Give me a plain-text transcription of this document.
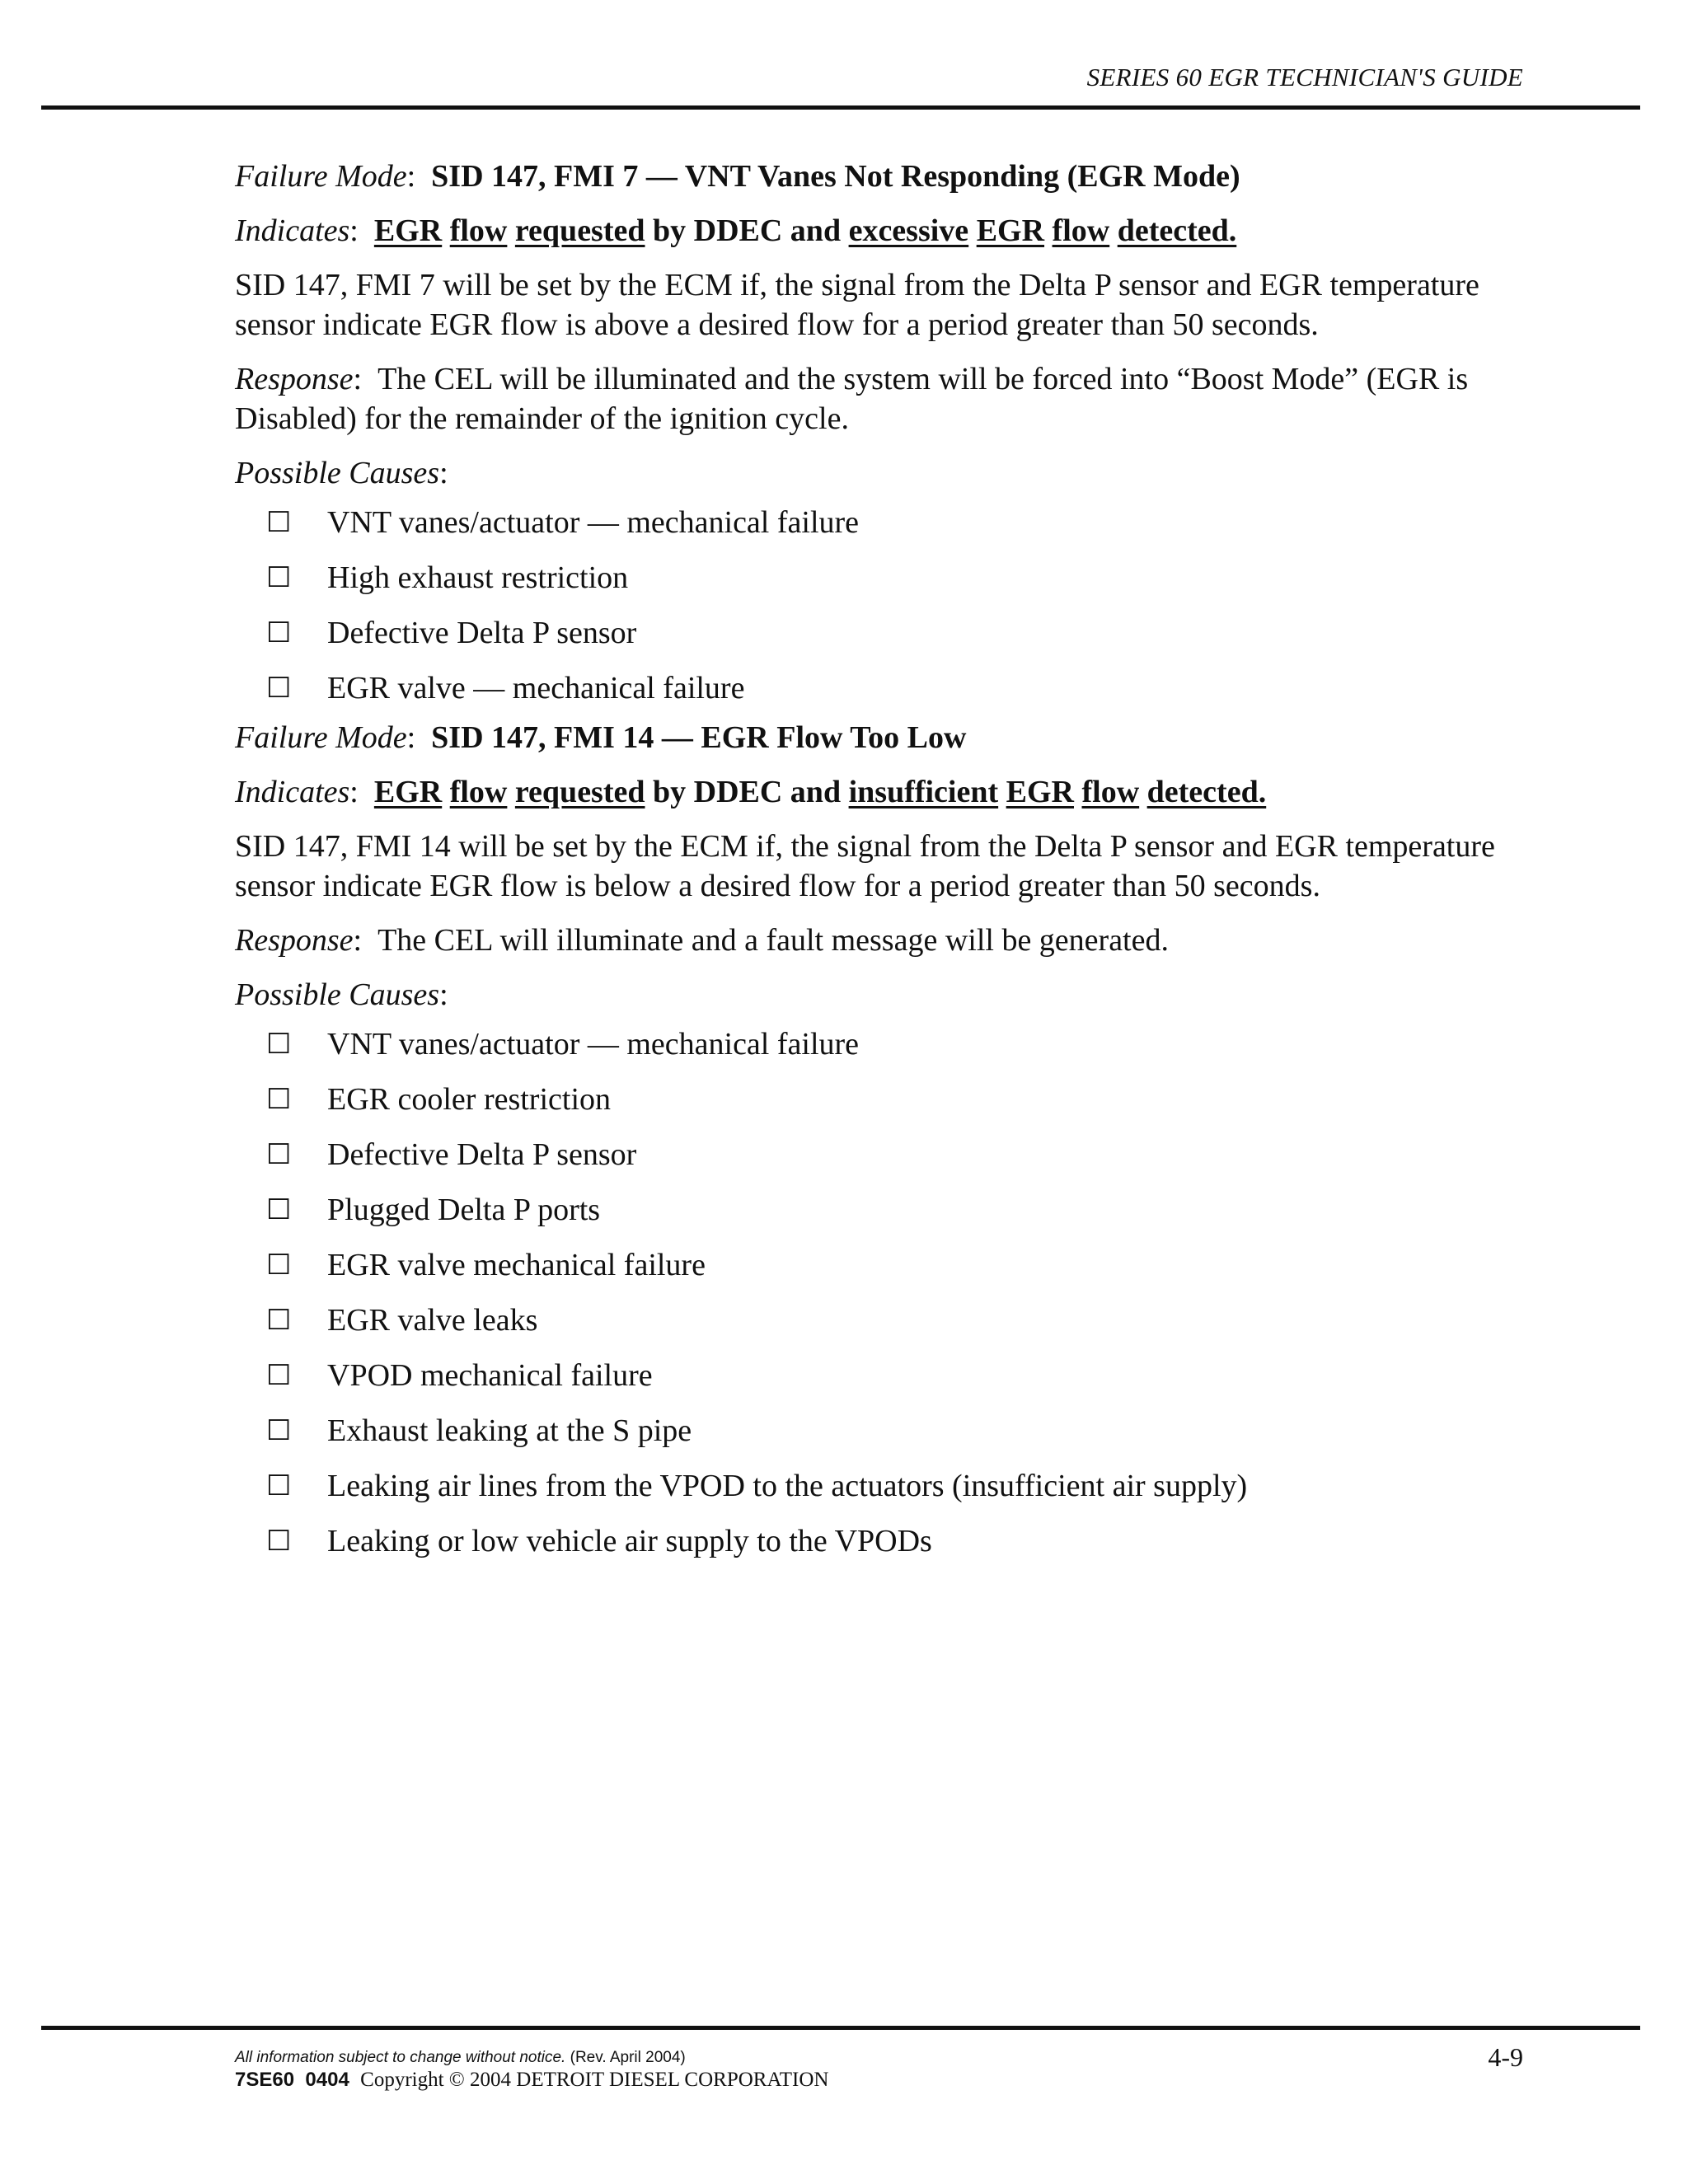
SERIES 60 EGR TECHNICIAN'S GUIDE
Failure Mode:  SID 147, FMI 7 — VNT Vanes Not Responding (EGR Mode)
Indicates: EGR flow requested by DDEC and excessive EGR flow detected.
SID 147, FMI 7 will be set by the ECM if, the signal from the Delta P sensor and EGR temperature sensor indicate EGR flow is above a desired flow for a period greater than 50 seconds.
Response:  The CEL will be illuminated and the system will be forced into “Boost Mode” (EGR is Disabled) for the remainder of the ignition cycle.
Possible Causes:
☐	VNT vanes/actuator — mechanical failure
☐	High exhaust restriction
☐	Defective Delta P sensor
☐	EGR valve — mechanical failure
Failure Mode:  SID 147, FMI 14 — EGR Flow Too Low
Indicates: EGR flow requested by DDEC and insufficient EGR flow detected.
SID 147, FMI 14 will be set by the ECM if, the signal from the Delta P sensor and EGR temperature sensor indicate EGR flow is below a desired flow for a period greater than 50 seconds.
Response:  The CEL will illuminate and a fault message will be generated.
Possible Causes:
☐	VNT vanes/actuator — mechanical failure
☐	EGR cooler restriction
☐	Defective Delta P sensor
☐	Plugged Delta P ports
☐	EGR valve mechanical failure
☐	EGR valve leaks
☐	VPOD mechanical failure
☐	Exhaust leaking at the S pipe
☐	Leaking air lines from the VPOD to the actuators (insufficient air supply)
☐	Leaking or low vehicle air supply to the VPODs
All information subject to change without notice. (Rev. April 2004)
7SE60  0404 Copyright © 2004 DETROIT DIESEL CORPORATION
4-9
